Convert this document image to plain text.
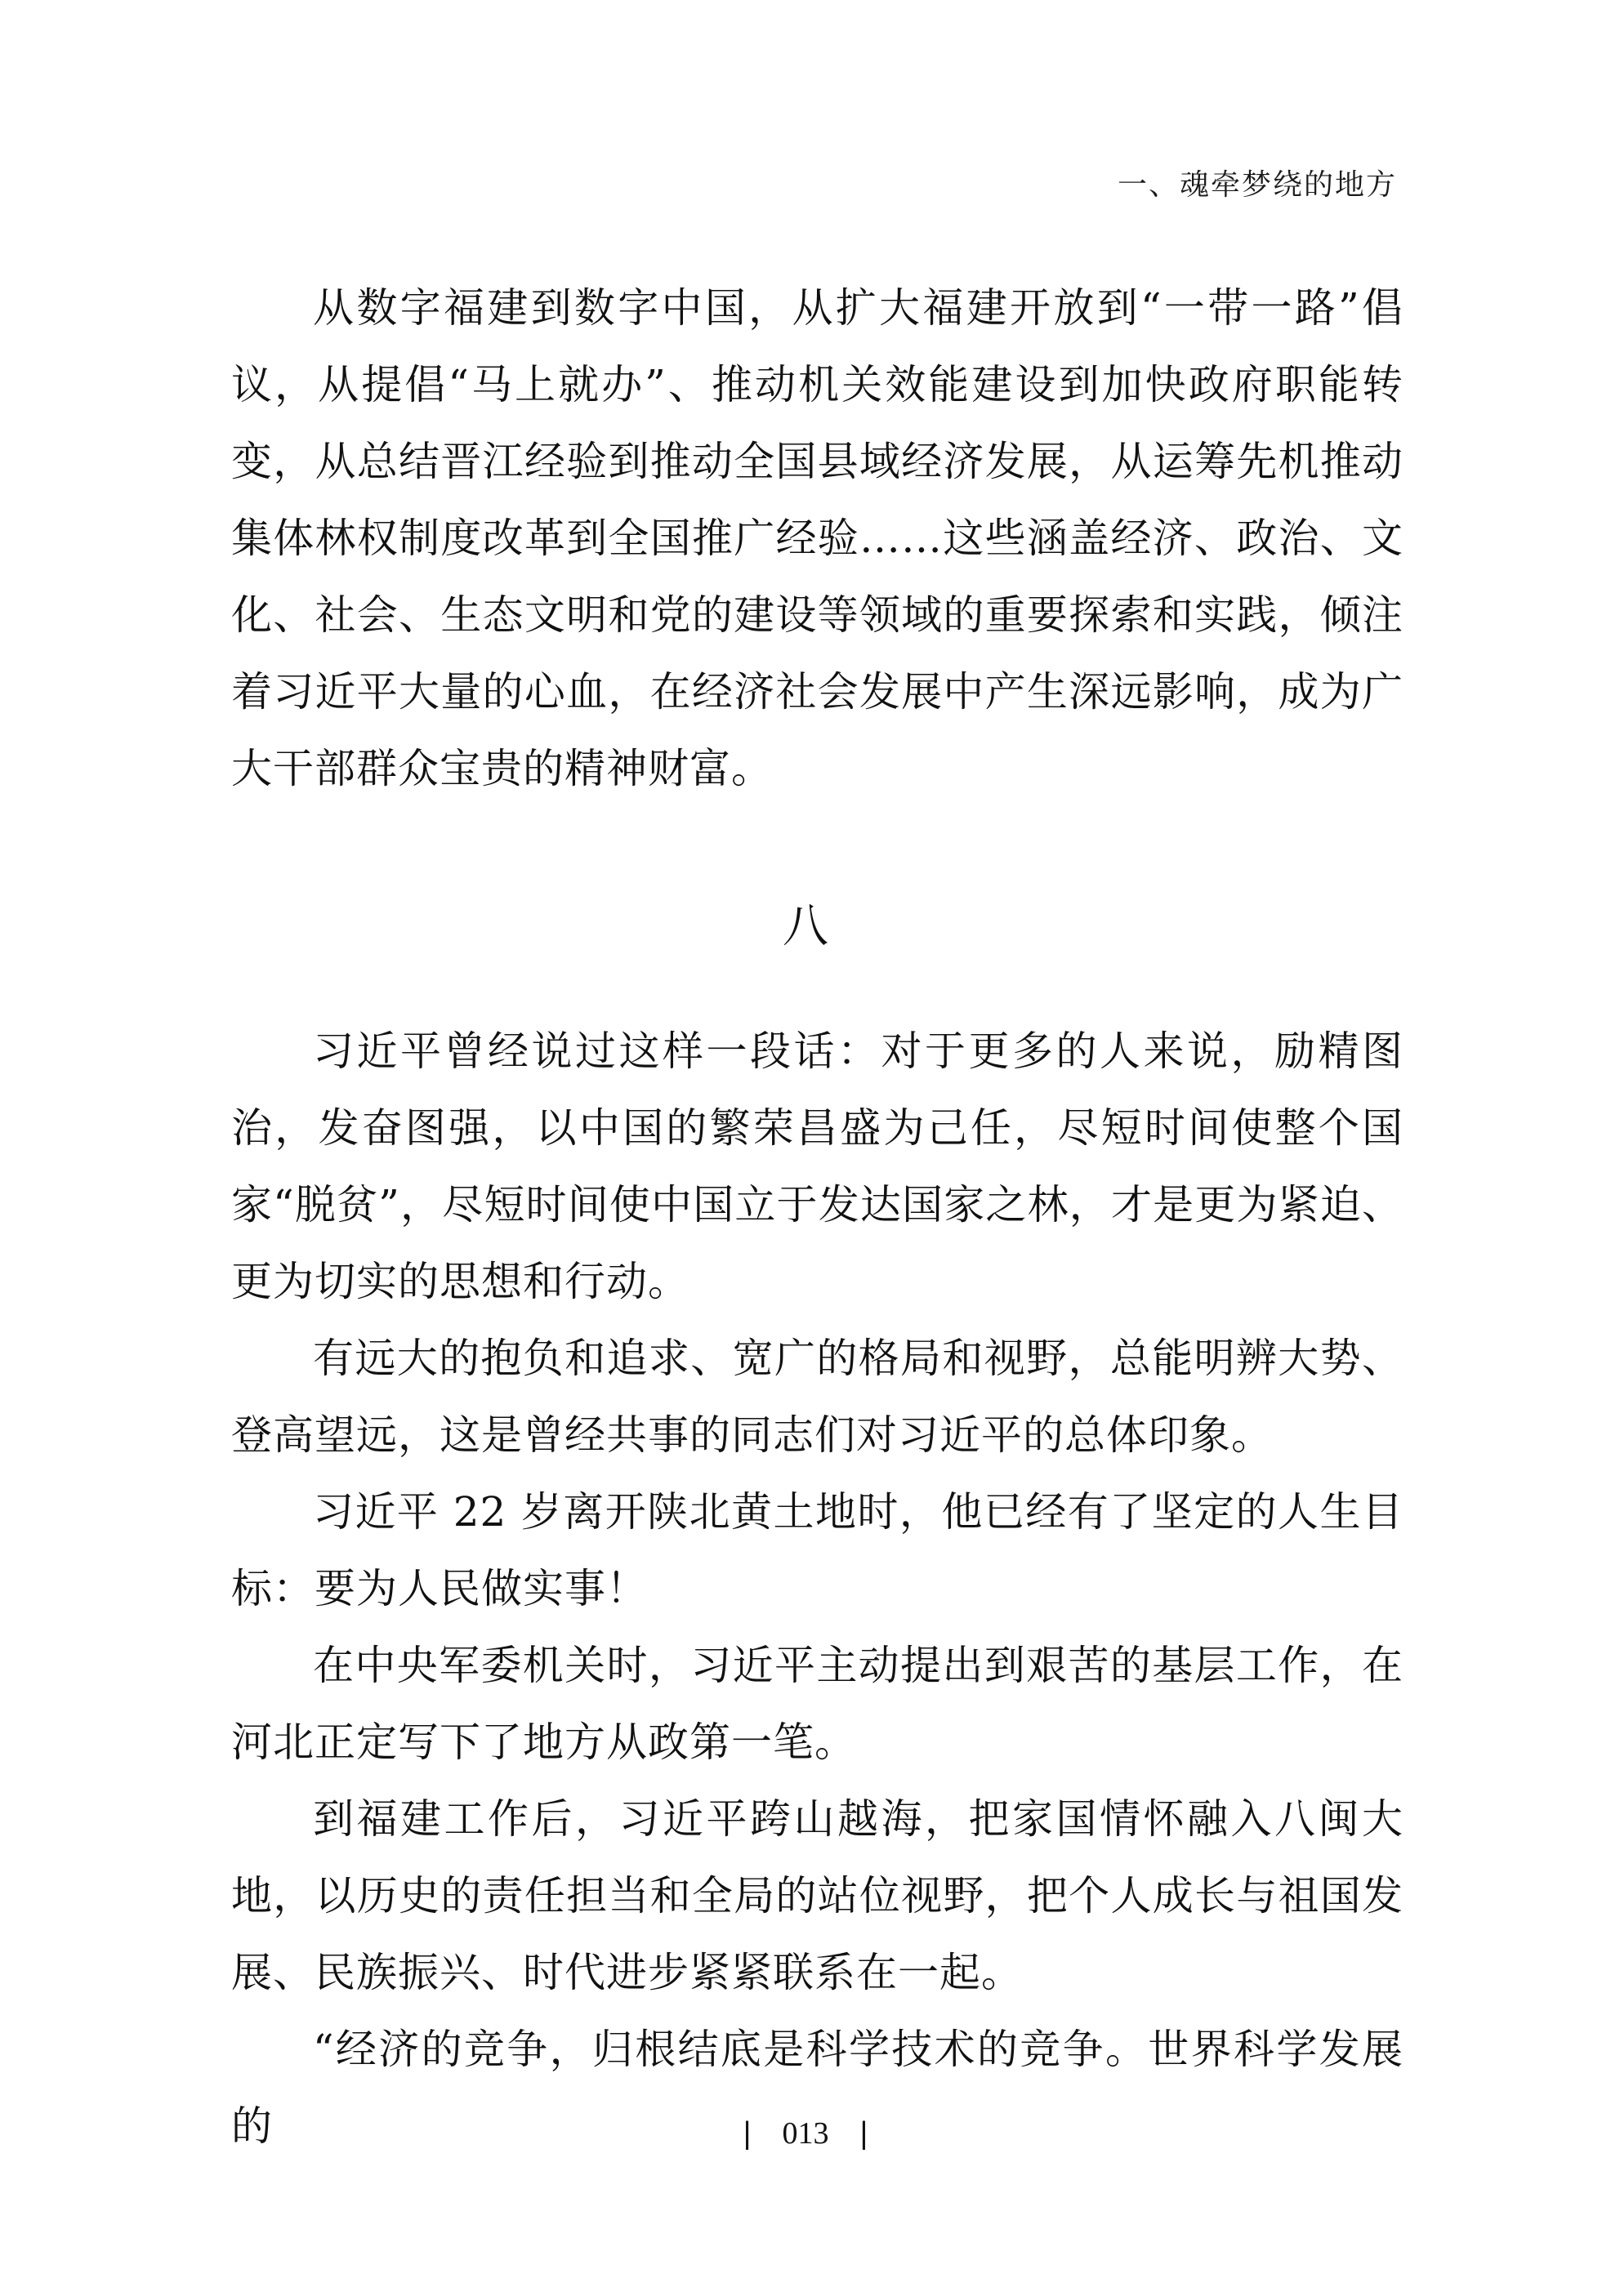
一、魂牵梦绕的地方

从数字福建到数字中国，从扩大福建开放到“一带一路”倡议，从提倡“马上就办”、推动机关效能建设到加快政府职能转变，从总结晋江经验到推动全国县域经济发展，从运筹先机推动集体林权制度改革到全国推广经验……这些涵盖经济、政治、文化、社会、生态文明和党的建设等领域的重要探索和实践，倾注着习近平大量的心血，在经济社会发展中产生深远影响，成为广大干部群众宝贵的精神财富。

八

习近平曾经说过这样一段话：对于更多的人来说，励精图治，发奋图强，以中国的繁荣昌盛为己任，尽短时间使整个国家“脱贫”，尽短时间使中国立于发达国家之林，才是更为紧迫、更为切实的思想和行动。

有远大的抱负和追求、宽广的格局和视野，总能明辨大势、登高望远，这是曾经共事的同志们对习近平的总体印象。

习近平 22 岁离开陕北黄土地时，他已经有了坚定的人生目标：要为人民做实事！

在中央军委机关时，习近平主动提出到艰苦的基层工作，在河北正定写下了地方从政第一笔。

到福建工作后，习近平跨山越海，把家国情怀融入八闽大地，以历史的责任担当和全局的站位视野，把个人成长与祖国发展、民族振兴、时代进步紧紧联系在一起。

“经济的竞争，归根结底是科学技术的竞争。世界科学发展的	| 013 |
